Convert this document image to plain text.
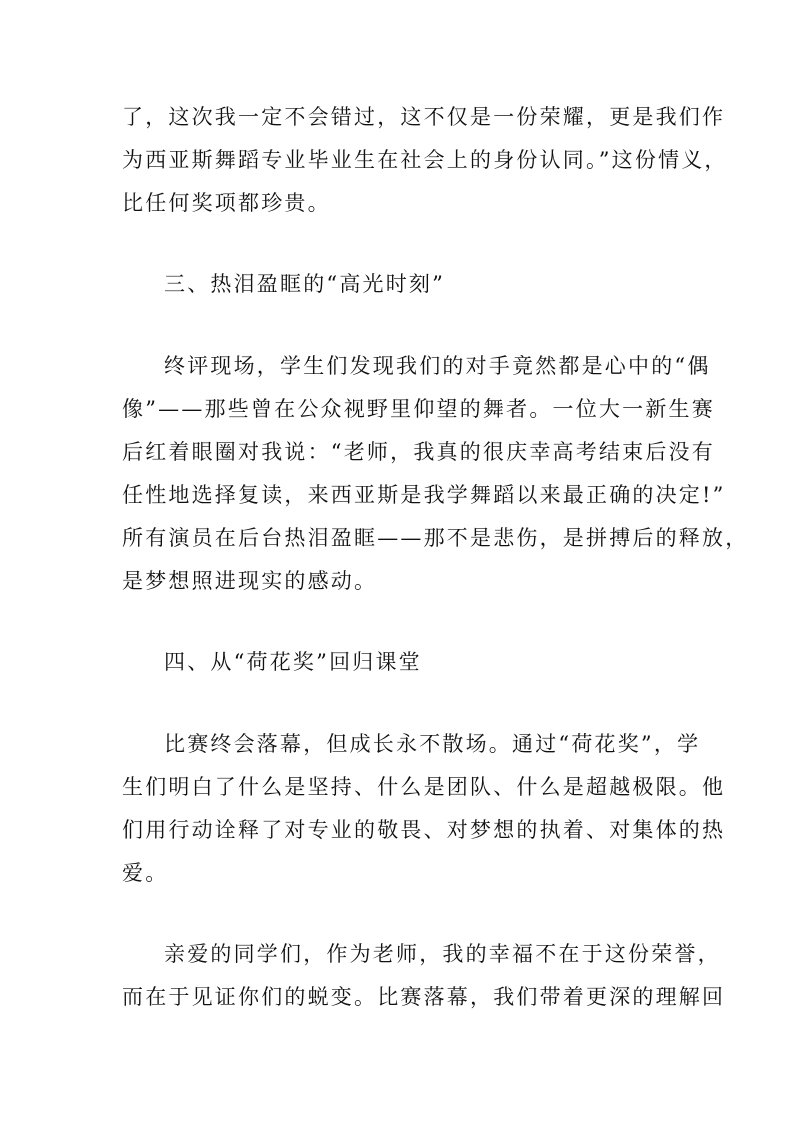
了，这次我一定不会错过，这不仅是一份荣耀，更是我们作
为西亚斯舞蹈专业毕业生在社会上的身份认同。”这份情义，
比任何奖项都珍贵。
三、热泪盈眶的“高光时刻”
终评现场，学生们发现我们的对手竟然都是心中的“偶
像”——那些曾在公众视野里仰望的舞者。一位大一新生赛
后红着眼圈对我说：“老师，我真的很庆幸高考结束后没有
任性地选择复读，来西亚斯是我学舞蹈以来最正确的决定!”
所有演员在后台热泪盈眶——那不是悲伤，是拼搏后的释放，
是梦想照进现实的感动。
四、从“荷花奖”回归课堂
比赛终会落幕，但成长永不散场。通过“荷花奖”，学
生们明白了什么是坚持、什么是团队、什么是超越极限。他
们用行动诠释了对专业的敬畏、对梦想的执着、对集体的热
爱。
亲爱的同学们，作为老师，我的幸福不在于这份荣誉，
而在于见证你们的蜕变。比赛落幕，我们带着更深的理解回
